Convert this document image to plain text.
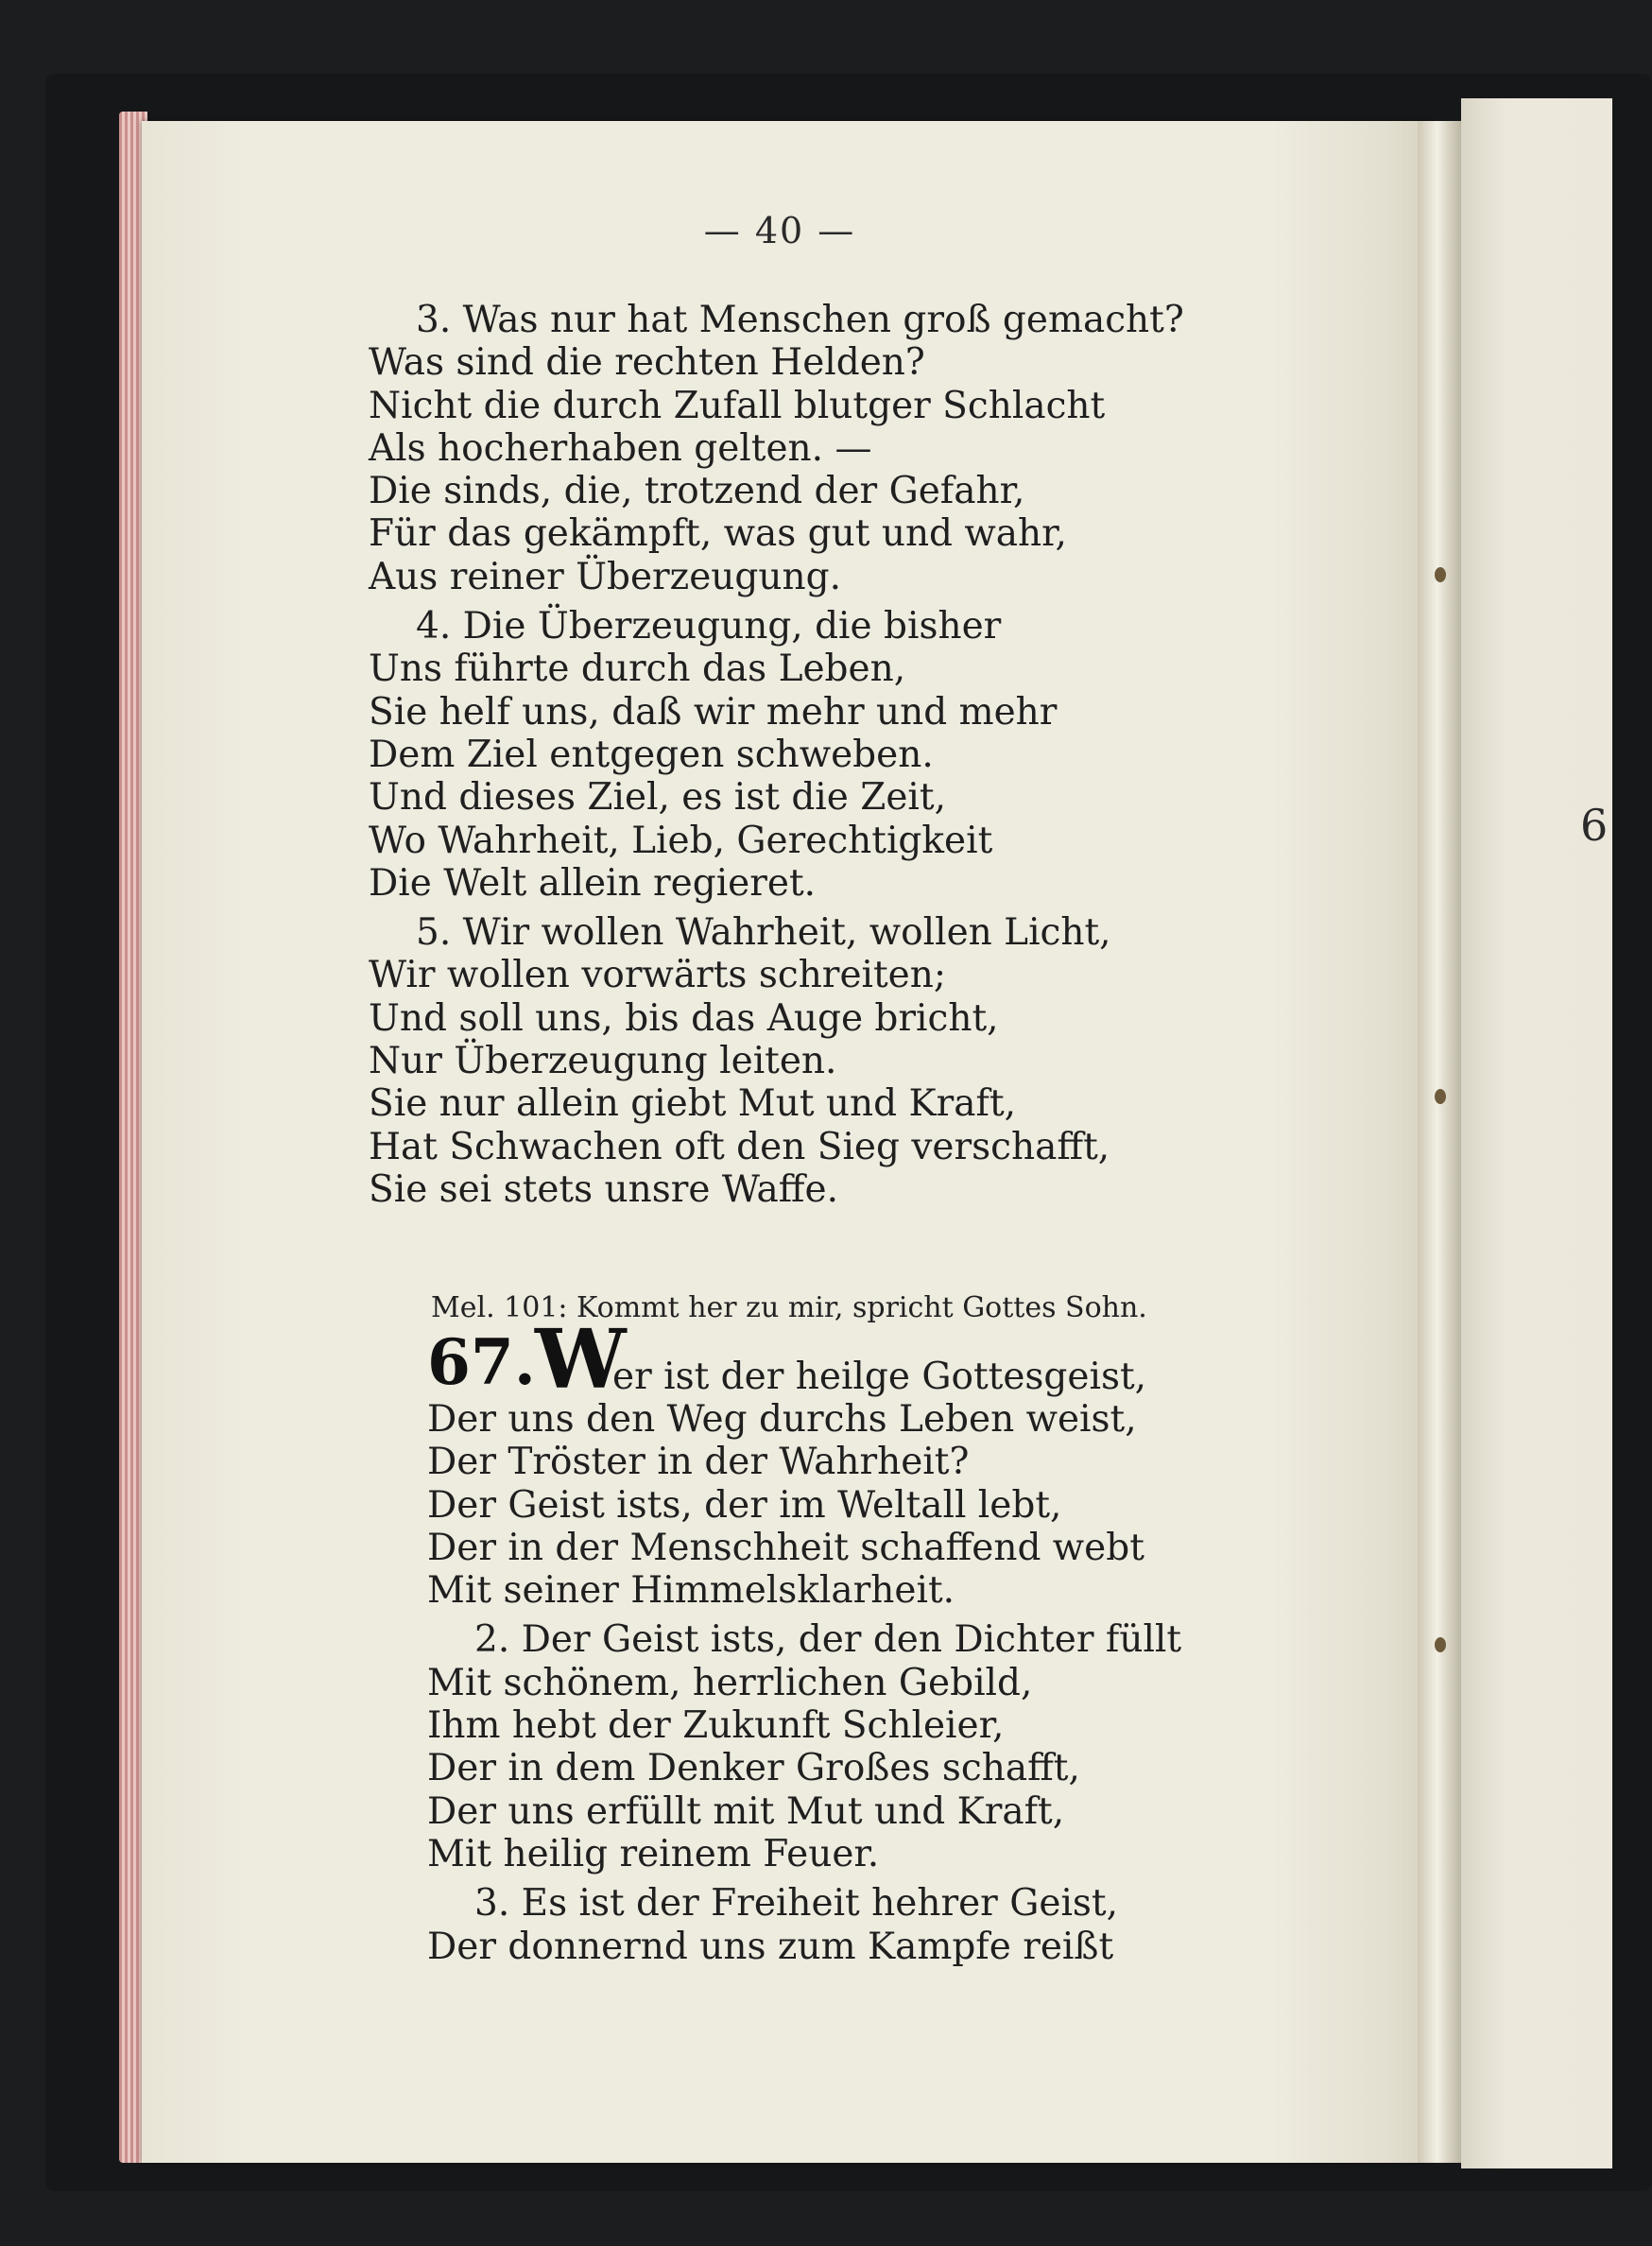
6
— 40 —
3. Was nur hat Menschen groß gemacht?
Was sind die rechten Helden?
Nicht die durch Zufall blutger Schlacht
Als hocherhaben gelten. —
Die sinds, die, trotzend der Gefahr,
Für das gekämpft, was gut und wahr,
Aus reiner Überzeugung.
4. Die Überzeugung, die bisher
Uns führte durch das Leben,
Sie helf uns, daß wir mehr und mehr
Dem Ziel entgegen schweben.
Und dieses Ziel, es ist die Zeit,
Wo Wahrheit, Lieb, Gerechtigkeit
Die Welt allein regieret.
5. Wir wollen Wahrheit, wollen Licht,
Wir wollen vorwärts schreiten;
Und soll uns, bis das Auge bricht,
Nur Überzeugung leiten.
Sie nur allein giebt Mut und Kraft,
Hat Schwachen oft den Sieg verschafft,
Sie sei stets unsre Waffe.
Mel. 101: Kommt her zu mir, spricht Gottes Sohn.
67. W
er ist der heilge Gottesgeist,
Der uns den Weg durchs Leben weist,
Der Tröster in der Wahrheit?
Der Geist ists, der im Weltall lebt,
Der in der Menschheit schaffend webt
Mit seiner Himmelsklarheit.
2. Der Geist ists, der den Dichter füllt
Mit schönem, herrlichen Gebild,
Ihm hebt der Zukunft Schleier,
Der in dem Denker Großes schafft,
Der uns erfüllt mit Mut und Kraft,
Mit heilig reinem Feuer.
3. Es ist der Freiheit hehrer Geist,
Der donnernd uns zum Kampfe reißt
